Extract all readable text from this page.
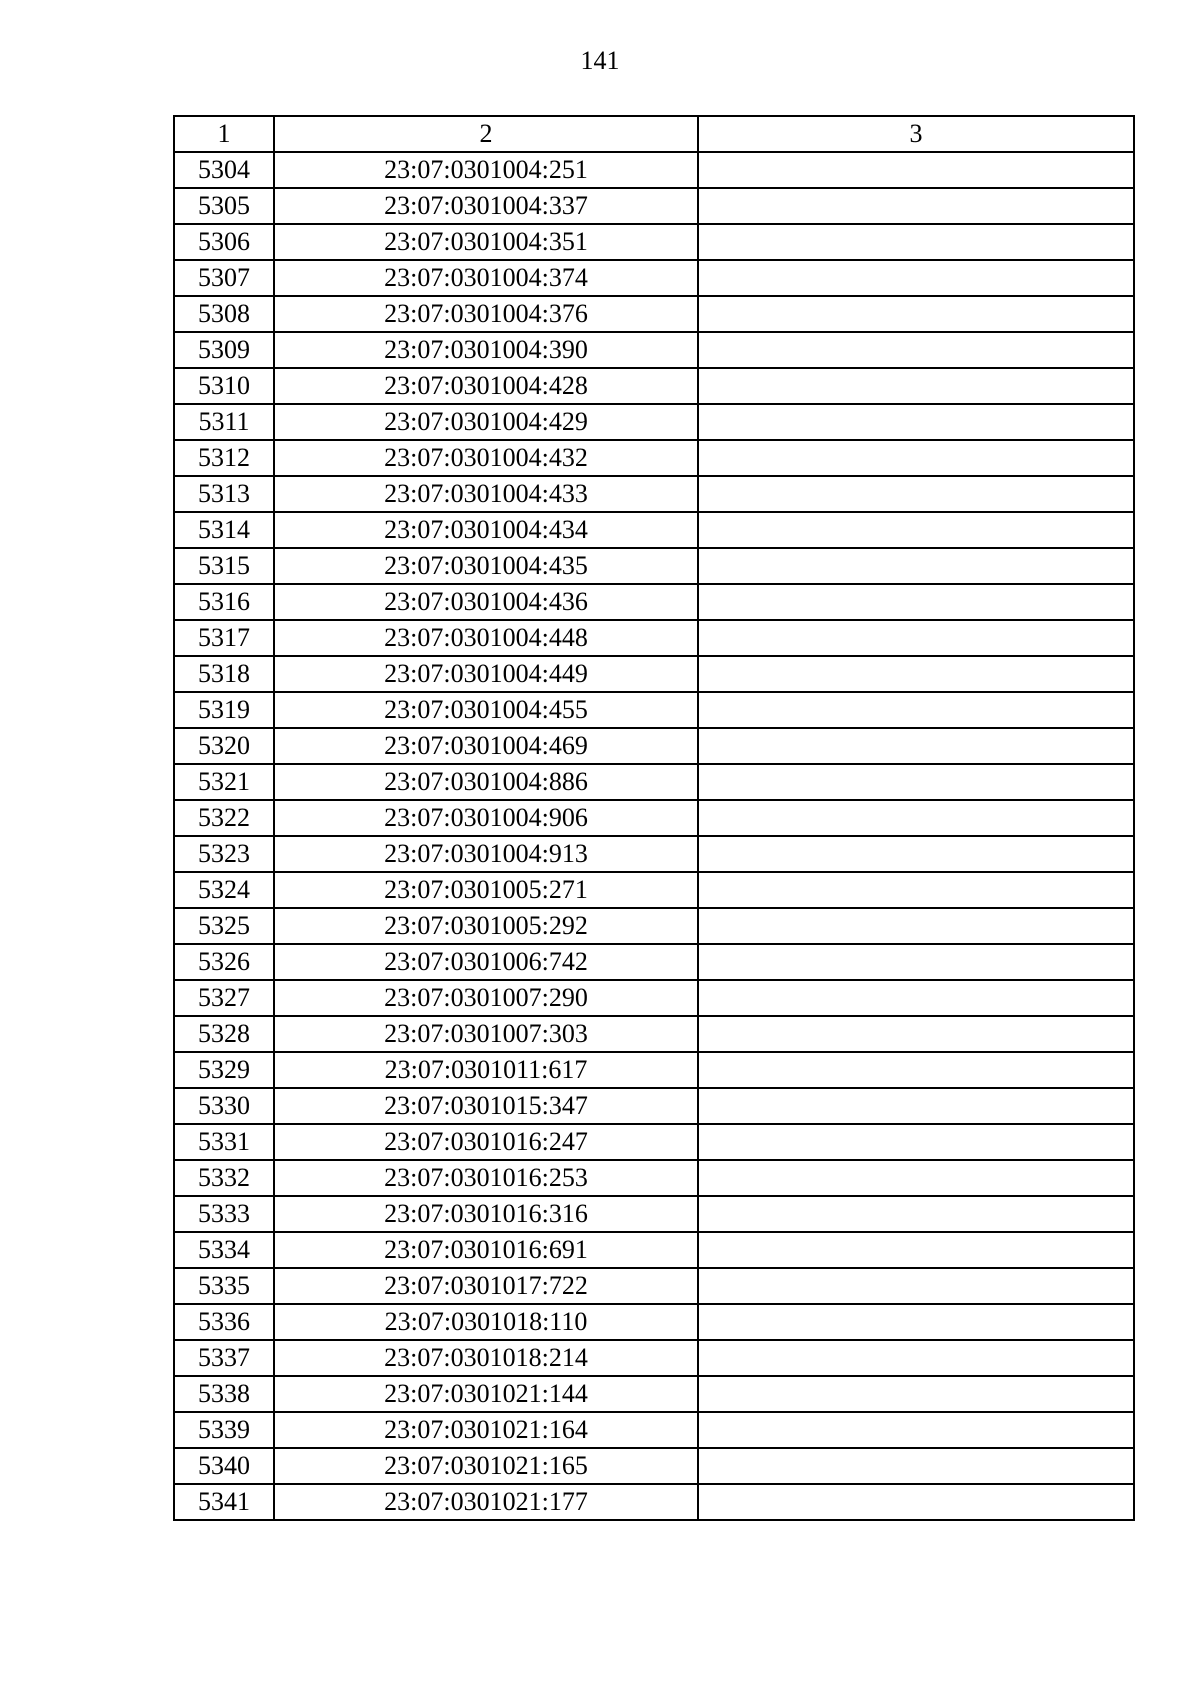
141
1	2	3
5304	23:07:0301004:251	
5305	23:07:0301004:337	
5306	23:07:0301004:351	
5307	23:07:0301004:374	
5308	23:07:0301004:376	
5309	23:07:0301004:390	
5310	23:07:0301004:428	
5311	23:07:0301004:429	
5312	23:07:0301004:432	
5313	23:07:0301004:433	
5314	23:07:0301004:434	
5315	23:07:0301004:435	
5316	23:07:0301004:436	
5317	23:07:0301004:448	
5318	23:07:0301004:449	
5319	23:07:0301004:455	
5320	23:07:0301004:469	
5321	23:07:0301004:886	
5322	23:07:0301004:906	
5323	23:07:0301004:913	
5324	23:07:0301005:271	
5325	23:07:0301005:292	
5326	23:07:0301006:742	
5327	23:07:0301007:290	
5328	23:07:0301007:303	
5329	23:07:0301011:617	
5330	23:07:0301015:347	
5331	23:07:0301016:247	
5332	23:07:0301016:253	
5333	23:07:0301016:316	
5334	23:07:0301016:691	
5335	23:07:0301017:722	
5336	23:07:0301018:110	
5337	23:07:0301018:214	
5338	23:07:0301021:144	
5339	23:07:0301021:164	
5340	23:07:0301021:165	
5341	23:07:0301021:177	
